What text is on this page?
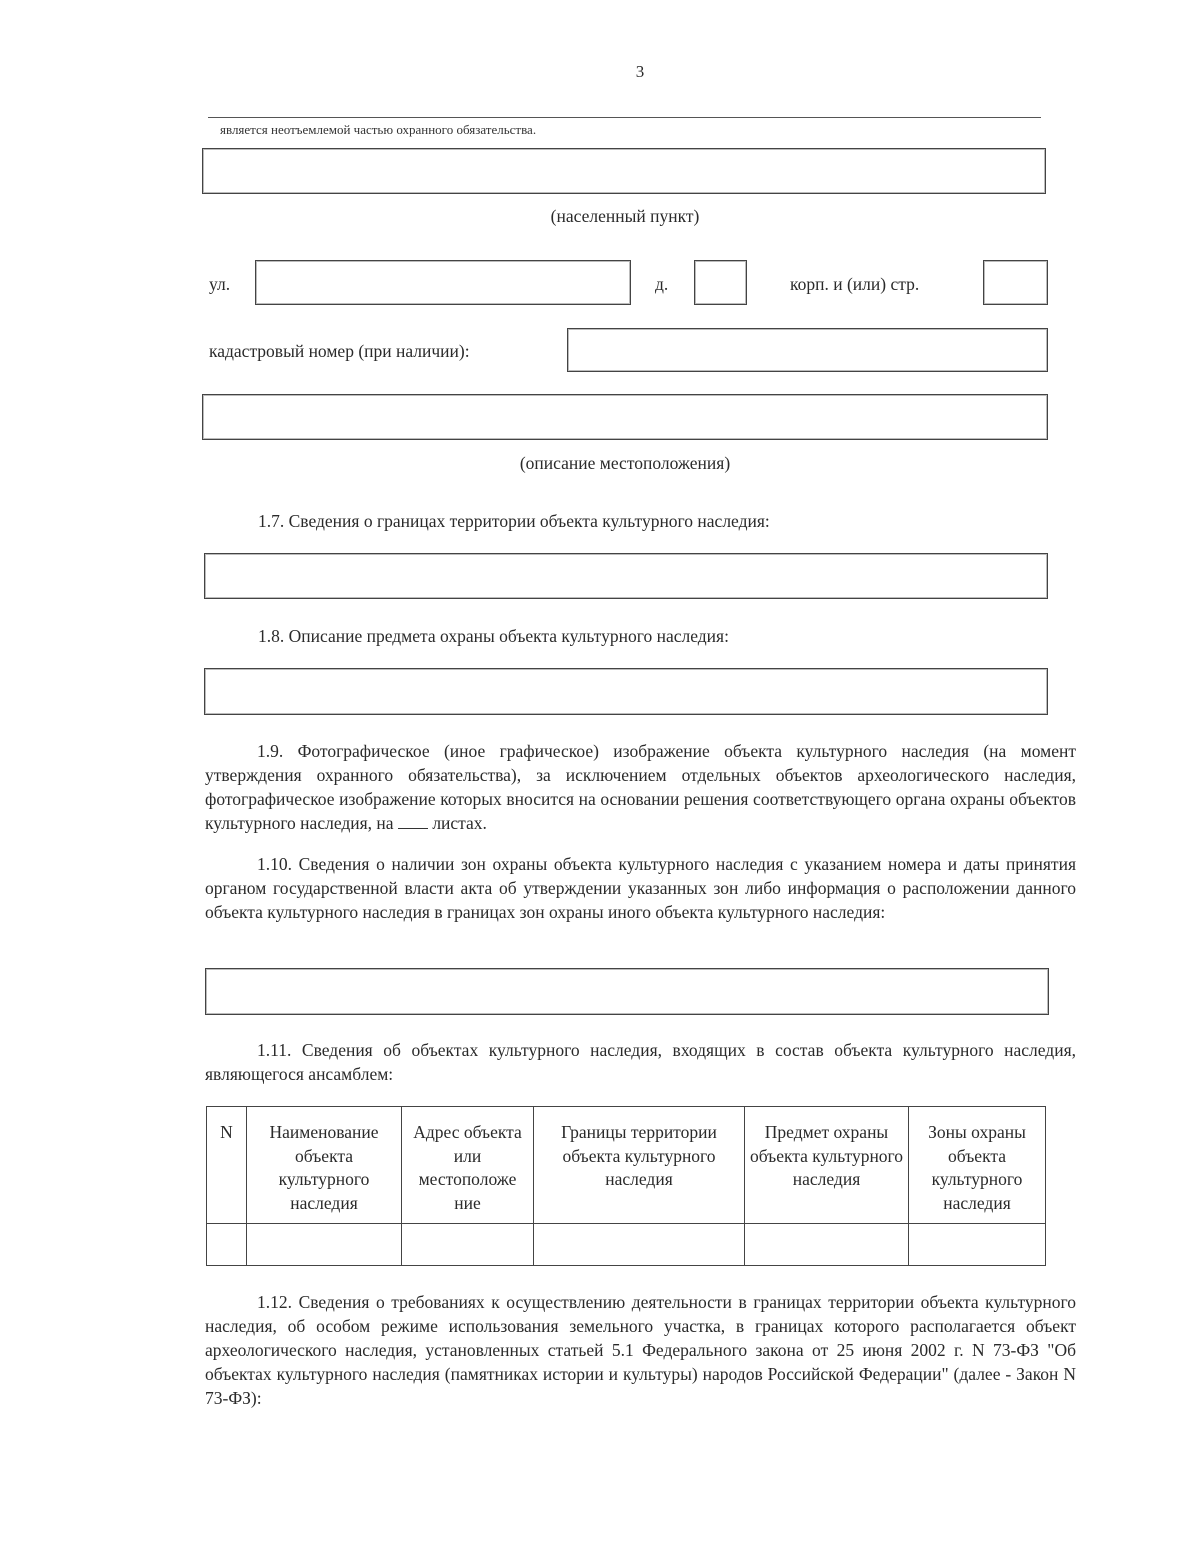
3
является неотъемлемой частью охранного обязательства.
(населенный пункт)
ул.	д.	корп. и (или) стр.
кадастровый номер (при наличии):
(описание местоположения)
1.7. Сведения о границах территории объекта культурного наследия:
1.8. Описание предмета охраны объекта культурного наследия:

1.9. Фотографическое (иное графическое) изображение объекта культурного наследия (на момент утверждения охранного обязательства), за исключением отдельных объектов археологического наследия, фотографическое изображение которых вносится на основании решения соответствующего органа охраны объектов культурного наследия, на листах.

1.10. Сведения о наличии зон охраны объекта культурного наследия с указанием номера и даты принятия органом государственной власти акта об утверждении указанных зон либо информация о расположении данного объекта культурного наследия в границах зон охраны иного объекта культурного наследия:

1.11. Сведения об объектах культурного наследия, входящих в состав объекта культурного наследия, являющегося ансамблем:

N	Наименование объекта культурного наследия	Адрес объекта или местоположе ние	Границы территории объекта культурного наследия	Предмет охраны объекта культурного наследия	Зоны охраны объекта культурного наследия

1.12. Сведения о требованиях к осуществлению деятельности в границах территории объекта культурного наследия, об особом режиме использования земельного участка, в границах которого располагается объект археологического наследия, установленных статьей 5.1 Федерального закона от 25 июня 2002 г. N 73-ФЗ "Об объектах культурного наследия (памятниках истории и культуры) народов Российской Федерации" (далее - Закон N 73-ФЗ):
